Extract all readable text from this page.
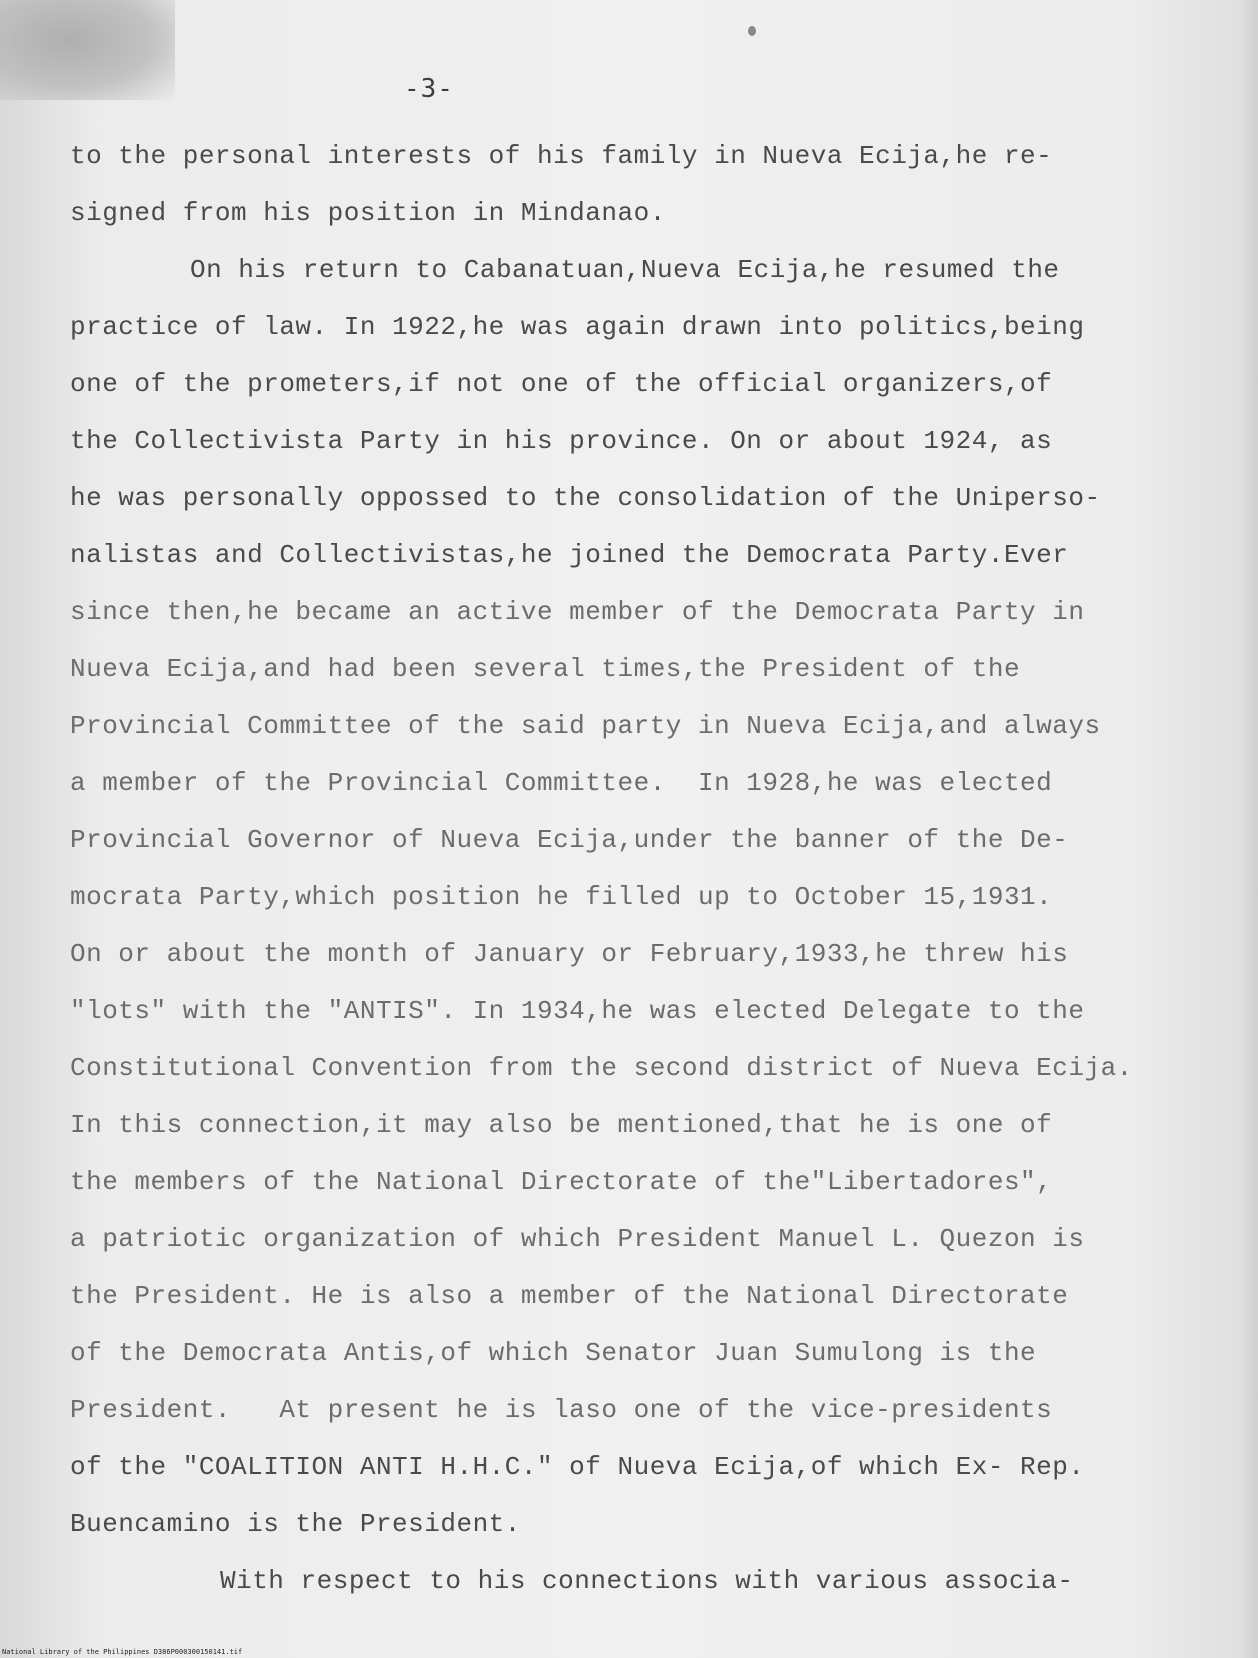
-3-
to the personal interests of his family in Nueva Ecija,he re-
signed from his position in Mindanao.
On his return to Cabanatuan,Nueva Ecija,he resumed the
practice of law. In 1922,he was again drawn into politics,being
one of the prometers,if not one of the official organizers,of
the Collectivista Party in his province. On or about 1924, as
he was personally oppossed to the consolidation of the Uniperso-
nalistas and Collectivistas,he joined the Democrata Party.Ever
since then,he became an active member of the Democrata Party in
Nueva Ecija,and had been several times,the President of the
Provincial Committee of the said party in Nueva Ecija,and always
a member of the Provincial Committee.  In 1928,he was elected
Provincial Governor of Nueva Ecija,under the banner of the De-
mocrata Party,which position he filled up to October 15,1931.
On or about the month of January or February,1933,he threw his
"lots" with the "ANTIS". In 1934,he was elected Delegate to the
Constitutional Convention from the second district of Nueva Ecija.
In this connection,it may also be mentioned,that he is one of
the members of the National Directorate of the"Libertadores",
a patriotic organization of which President Manuel L. Quezon is
the President. He is also a member of the National Directorate
of the Democrata Antis,of which Senator Juan Sumulong is the
President.   At present he is laso one of the vice-presidents
of the "COALITION ANTI H.H.C." of Nueva Ecija,of which Ex- Rep.
Buencamino is the President.
With respect to his connections with various associa-
National Library of the Philippines D386P000300150141.tif
